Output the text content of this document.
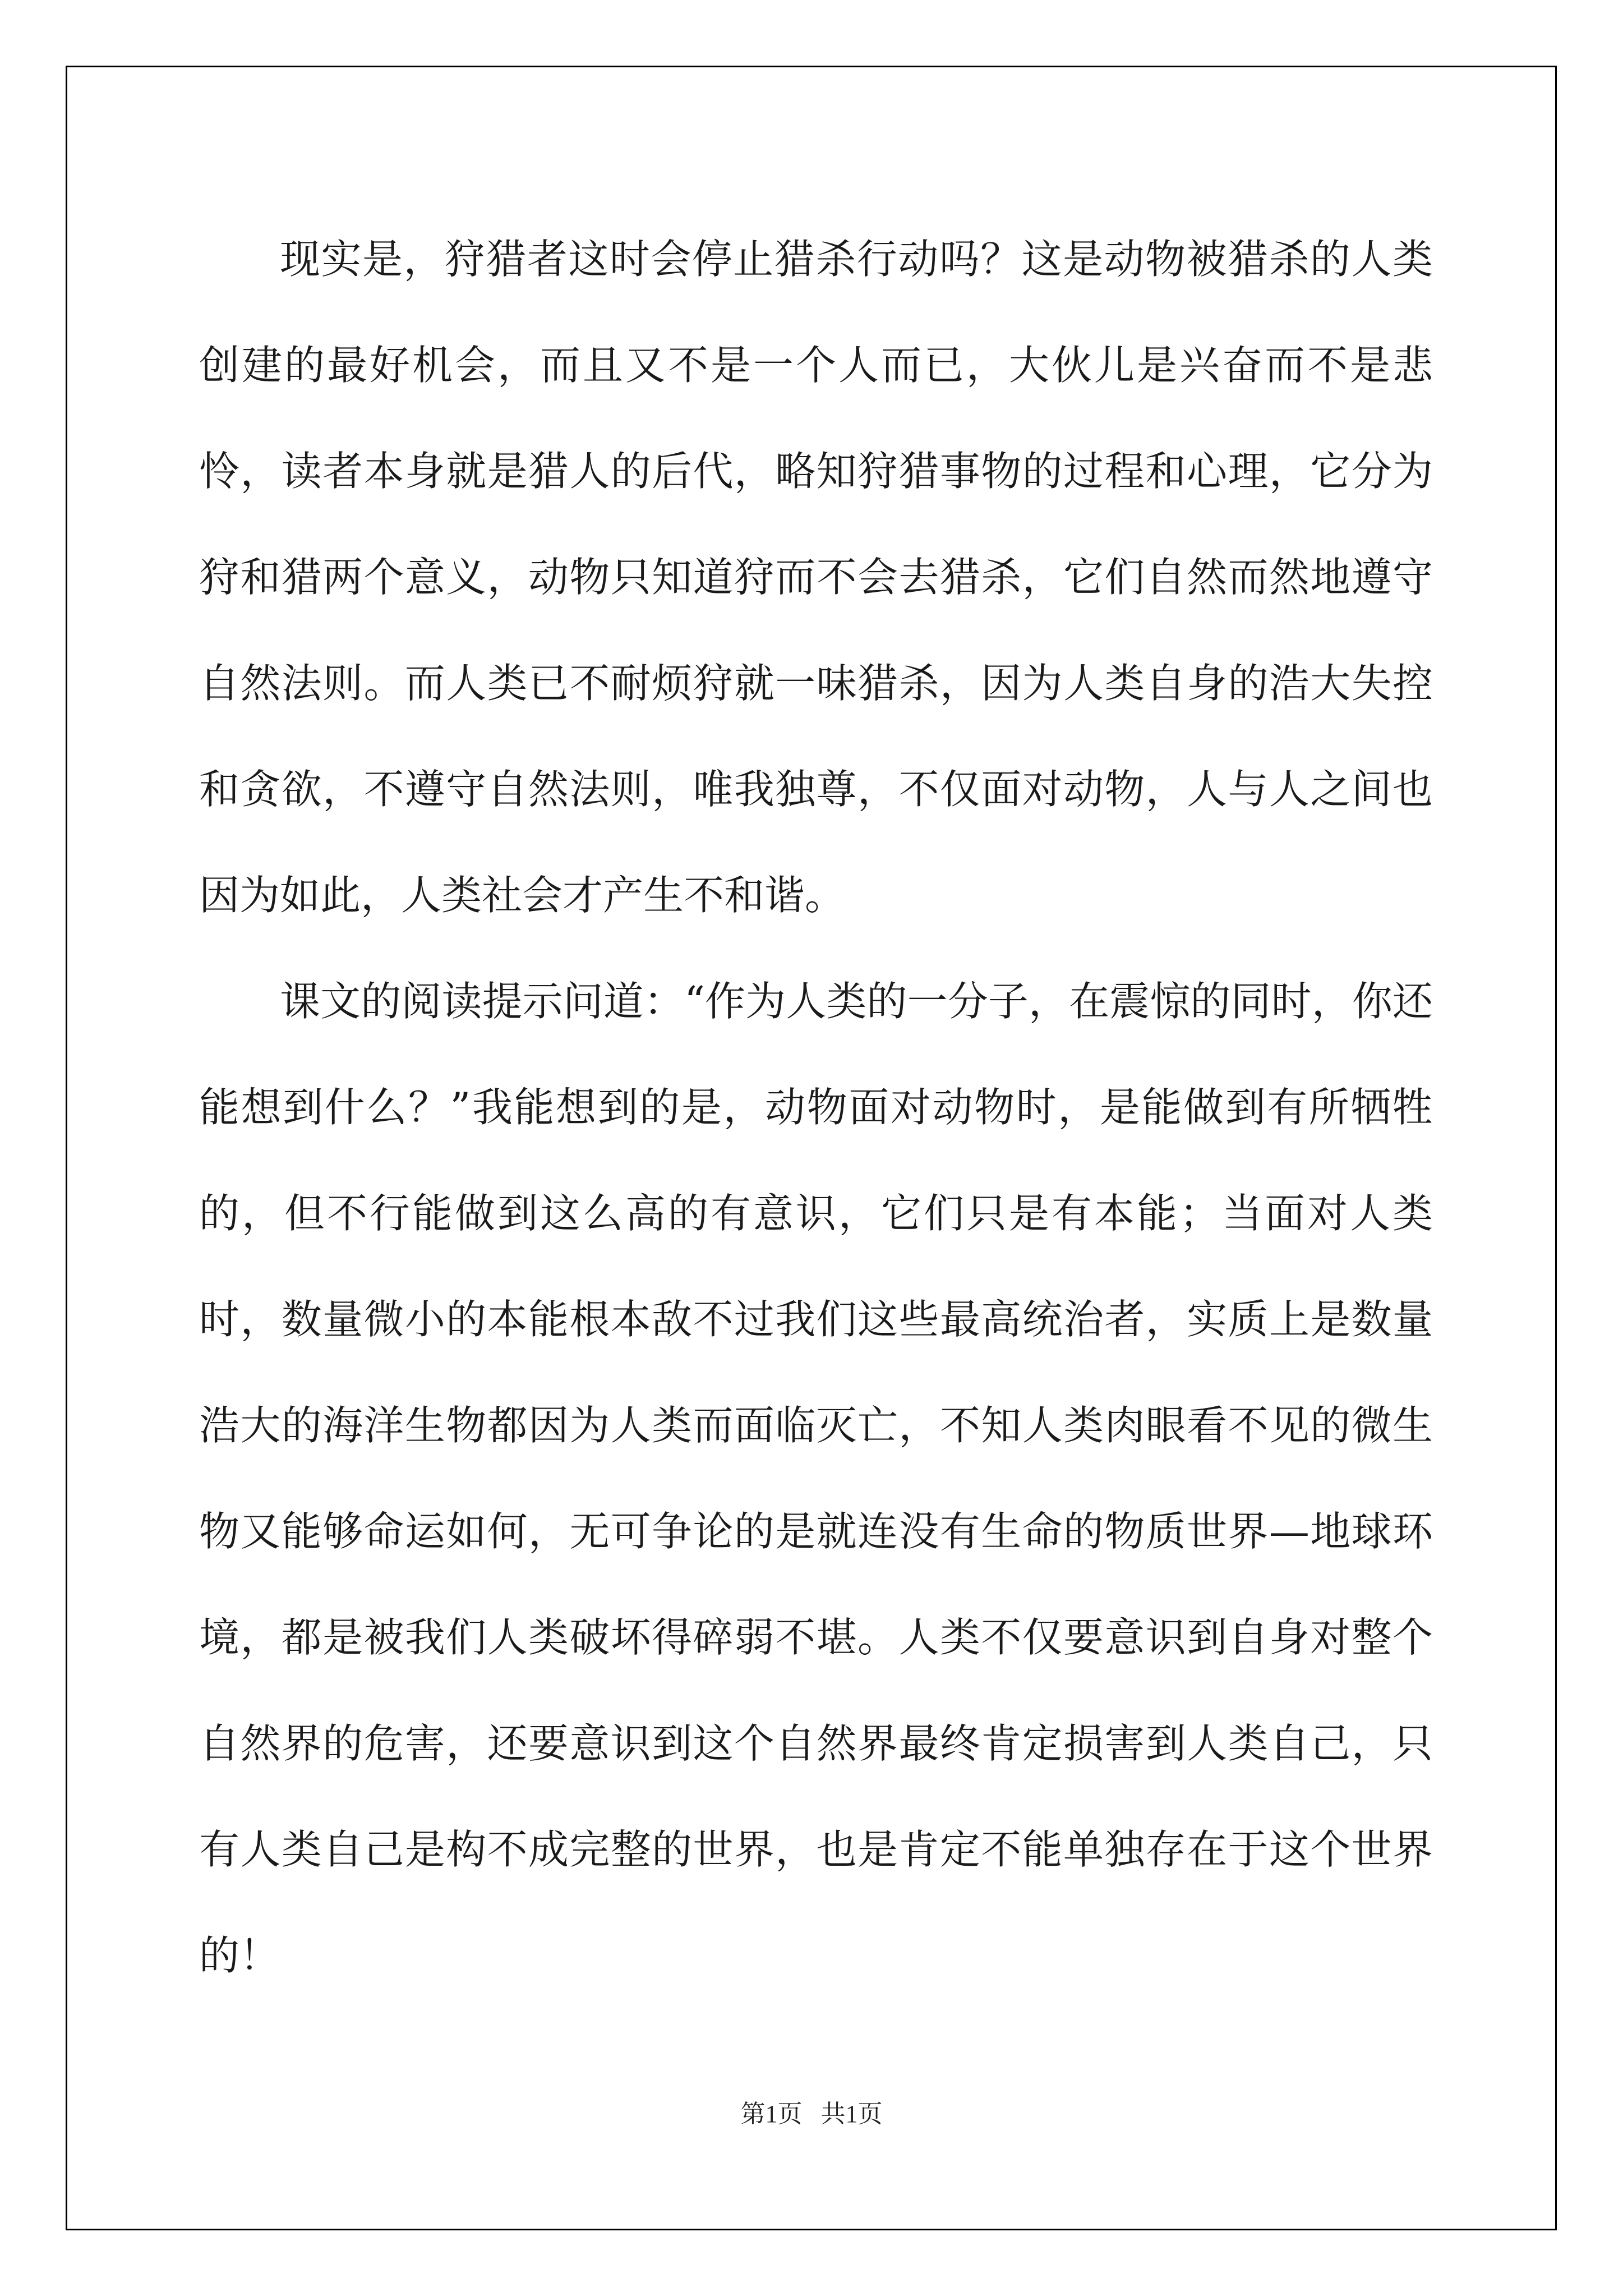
现实是，狩猎者这时会停止猎杀行动吗？这是动物被猎杀的人类创建的最好机会，而且又不是一个人而已，大伙儿是兴奋而不是悲怜，读者本身就是猎人的后代，略知狩猎事物的过程和心理，它分为狩和猎两个意义，动物只知道狩而不会去猎杀，它们自然而然地遵守自然法则。而人类已不耐烦狩就一味猎杀，因为人类自身的浩大失控和贪欲，不遵守自然法则，唯我独尊，不仅面对动物，人与人之间也因为如此，人类社会才产生不和谐。

课文的阅读提示问道：“作为人类的一分子，在震惊的同时，你还能想到什么？”我能想到的是，动物面对动物时，是能做到有所牺牲的，但不行能做到这么高的有意识，它们只是有本能；当面对人类时，数量微小的本能根本敌不过我们这些最高统治者，实质上是数量浩大的海洋生物都因为人类而面临灭亡，不知人类肉眼看不见的微生物又能够命运如何，无可争论的是就连没有生命的物质世界—地球环境，都是被我们人类破坏得碎弱不堪。人类不仅要意识到自身对整个自然界的危害，还要意识到这个自然界最终肯定损害到人类自己，只有人类自己是构不成完整的世界，也是肯定不能单独存在于这个世界的！

第1页   共1页
